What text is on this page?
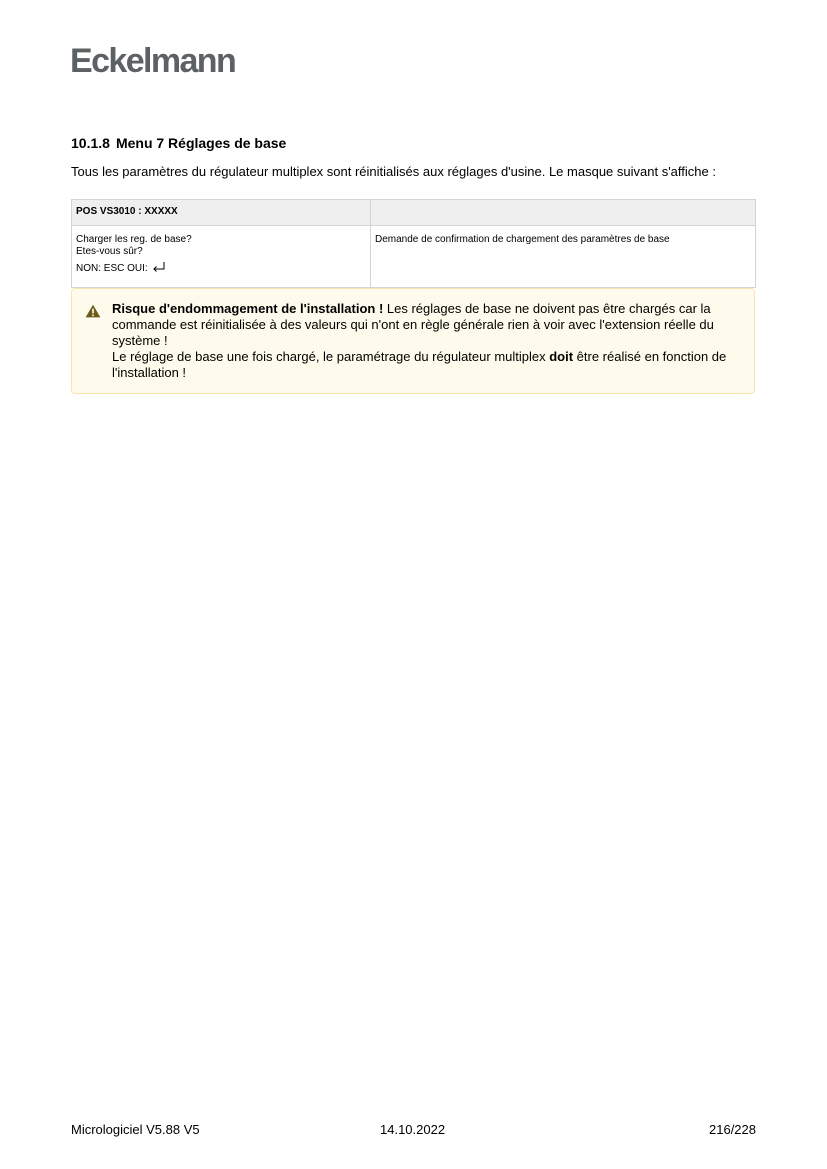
Eckelmann
10.1.8 Menu 7 Réglages de base
Tous les paramètres du régulateur multiplex sont réinitialisés aux réglages d'usine. Le masque suivant s'affiche :
POS VS3010 : XXXXX	
Charger les reg. de base?
Etes-vous sûr?
NON: ESC OUI:	Demande de confirmation de chargement des paramètres de base
Risque d'endommagement de l'installation ! Les réglages de base ne doivent pas être chargés car la commande est réinitialisée à des valeurs qui n'ont en règle générale rien à voir avec l'extension réelle du système !
Le réglage de base une fois chargé, le paramétrage du régulateur multiplex doit être réalisé en fonction de l'installation !
Micrologiciel V5.88 V5	14.10.2022	216/228
